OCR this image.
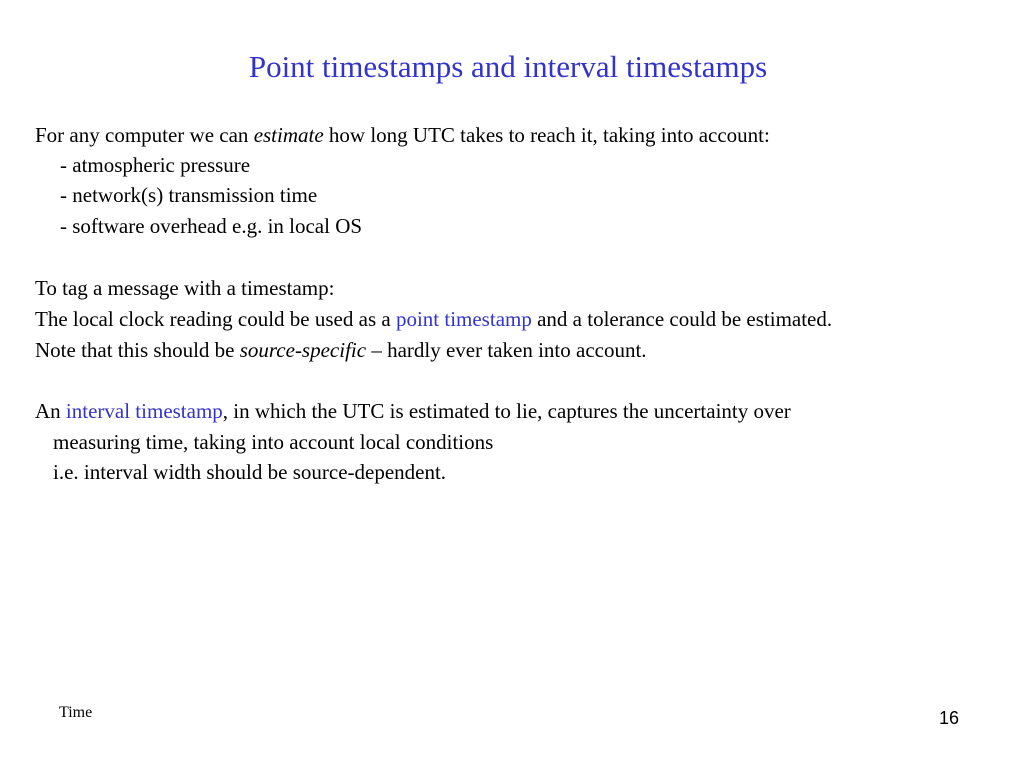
Point timestamps and interval timestamps
For any computer we can estimate how long UTC takes to reach it, taking into account:
- atmospheric pressure
- network(s) transmission time
- software overhead e.g. in local OS
To tag a message with a timestamp:
The local clock reading could be used as a point timestamp and a tolerance could be estimated.
Note that this should be source-specific – hardly ever taken into account.
An interval timestamp, in which the UTC is estimated to lie, captures the uncertainty over
measuring time, taking into account local conditions
i.e. interval width should be source-dependent.
Time	16
